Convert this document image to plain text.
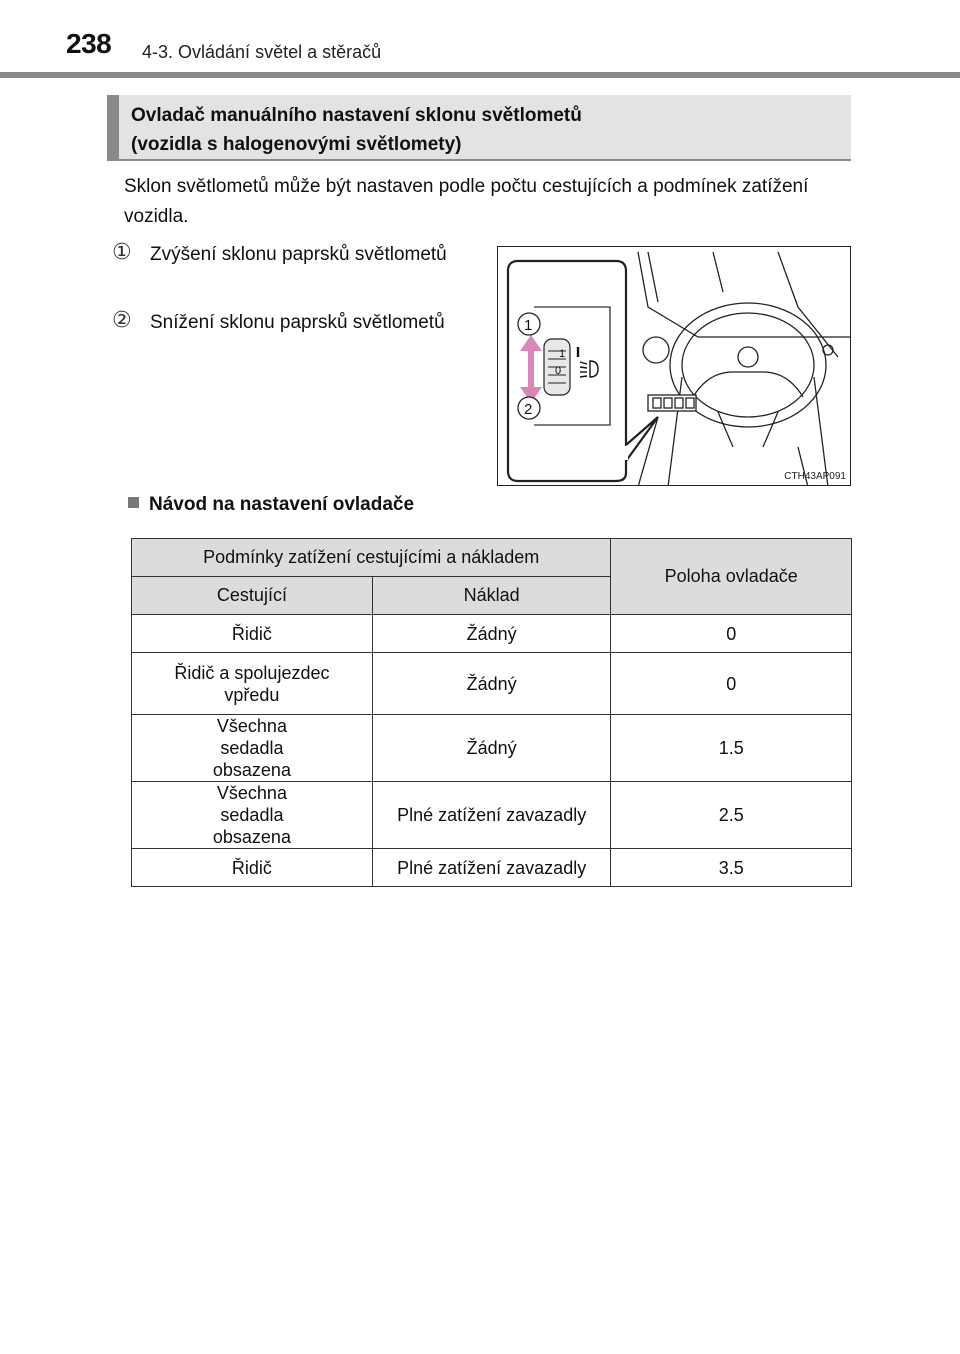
238 4-3. Ovládání světel a stěračů
Ovladač manuálního nastavení sklonu světlometů
(vozidla s halogenovými světlomety)
Sklon světlometů může být nastaven podle počtu cestujících a podmínek zatížení vozidla.
① Zvýšení sklonu paprsků světlometů
② Snížení sklonu paprsků světlometů
1
0
1
2
CTH43AP091
Návod na nastavení ovladače
Podmínky zatížení cestujícími a nákladem		Poloha ovladače
Cestující	Náklad	
Řidič	Žádný	0
Řidič a spolujezdec vpředu	Žádný	0
Všechna sedadla obsazena	Žádný	1.5
Všechna sedadla obsazena	Plné zatížení zavazadly	2.5
Řidič	Plné zatížení zavazadly	3.5
